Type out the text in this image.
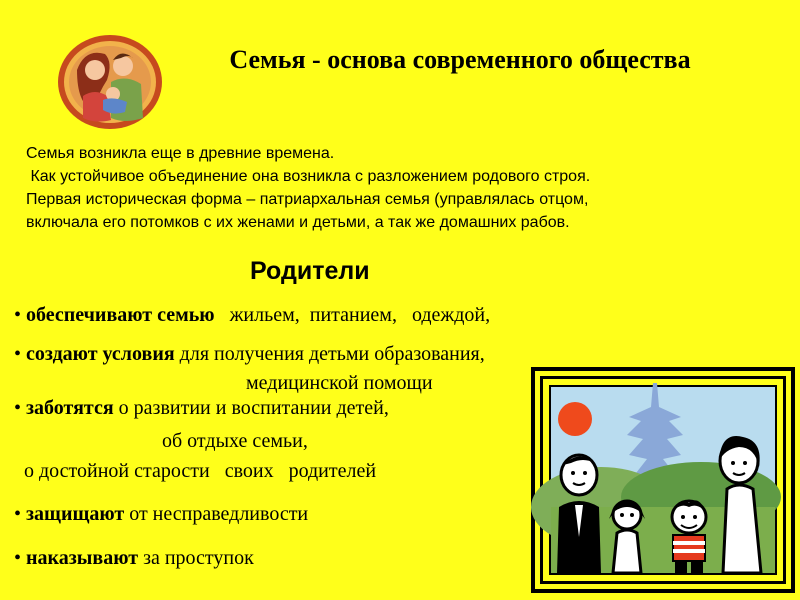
Семья - основа современного общества
Семья возникла еще в древние времена.
Как устойчивое объединение она возникла с разложением родового строя.
Первая историческая форма – патриархальная семья (управлялась отцом,
включала его потомков с их женами и детьми, а так же домашних рабов.
Родители
• обеспечивают семью   жильем,  питанием,   одеждой,
• создают условия для получения детьми образования,
медицинской помощи
• заботятся о развитии и воспитании детей,
об отдыхе семьи,
о достойной старости   своих   родителей
• защищают от несправедливости
• наказывают за проступок
